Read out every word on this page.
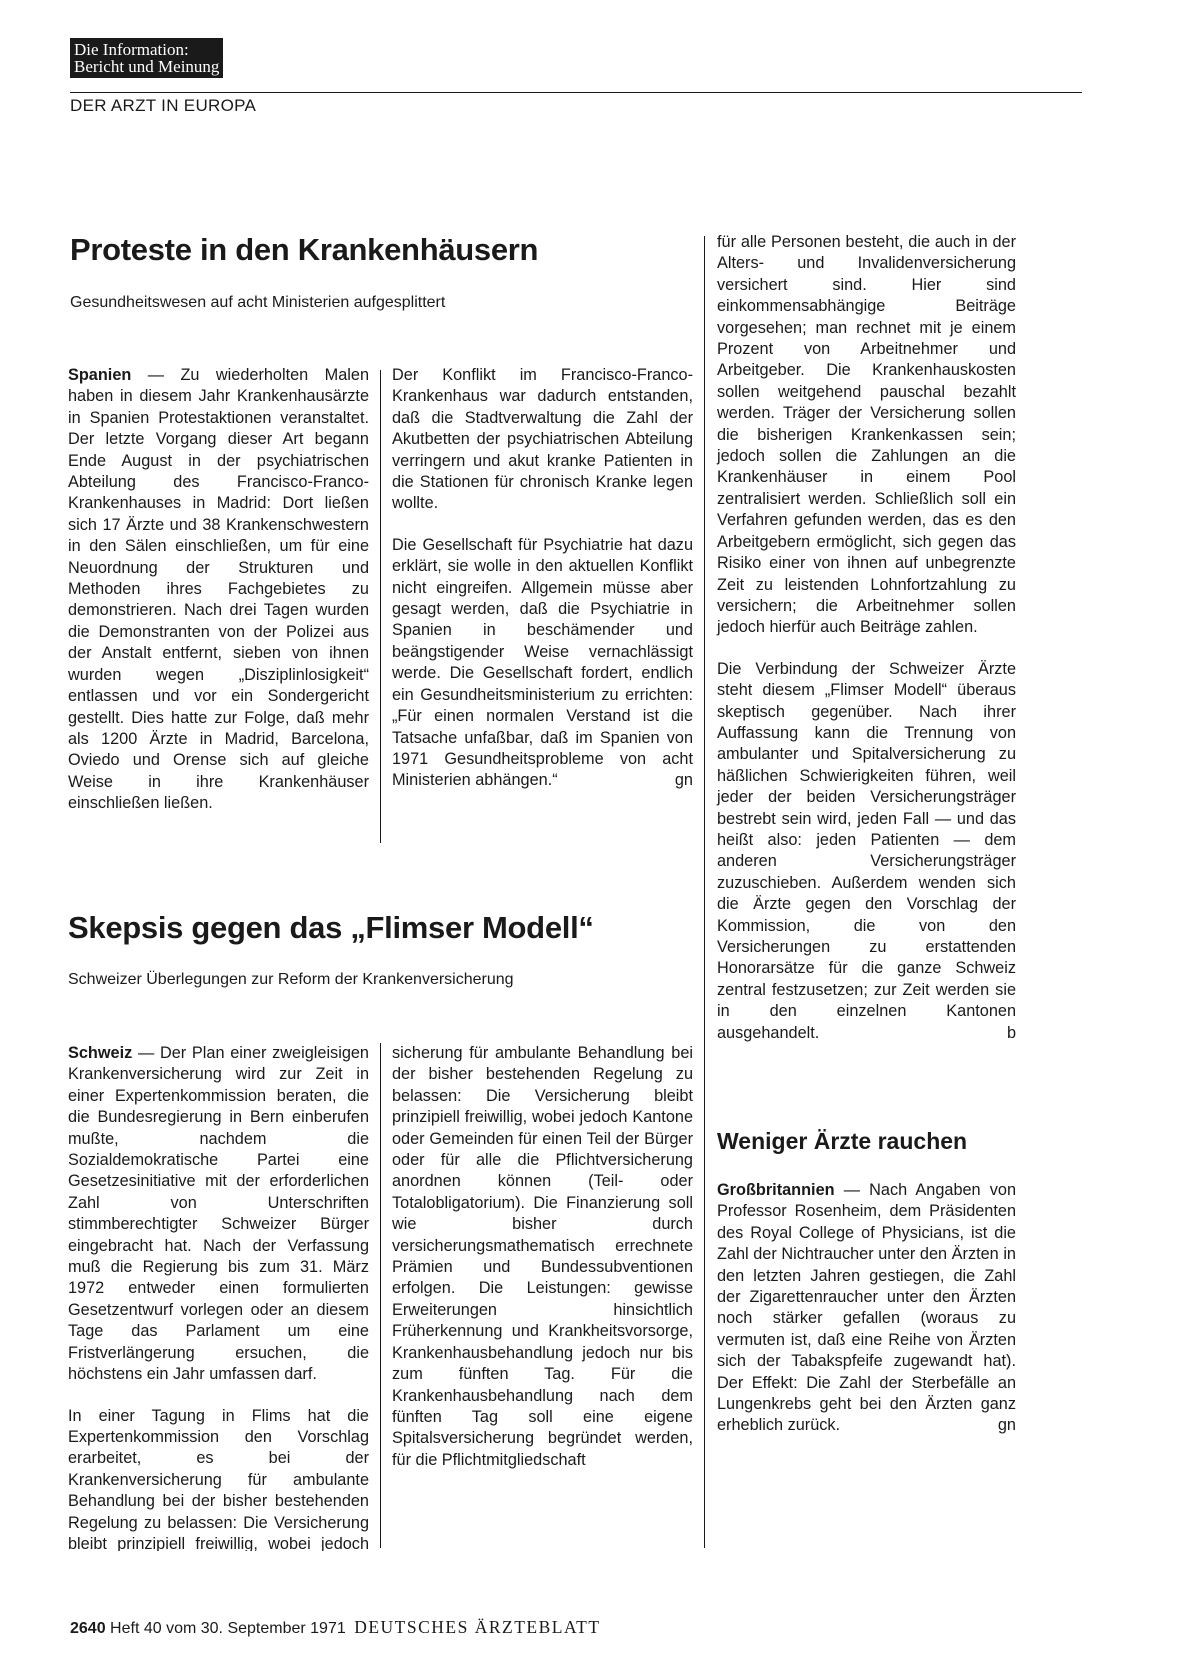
Die Information:
Bericht und Meinung
DER ARZT IN EUROPA
Proteste in den Krankenhäusern
Gesundheitswesen auf acht Ministerien aufgesplittert

Spanien — Zu wiederholten Malen haben in diesem Jahr Krankenhausärzte in Spanien Protestaktionen veranstaltet. Der letzte Vorgang dieser Art begann Ende August in der psychiatrischen Abteilung des Francisco-Franco-Krankenhauses in Madrid: Dort ließen sich 17 Ärzte und 38 Krankenschwestern in den Sälen einschließen, um für eine Neuordnung der Strukturen und Methoden ihres Fachgebietes zu demonstrieren. Nach drei Tagen wurden die Demonstranten von der Polizei aus der Anstalt entfernt, sieben von ihnen wurden wegen „Disziplinlosigkeit“ entlassen und vor ein Sondergericht gestellt. Dies hatte zur Folge, daß mehr als 1200 Ärzte in Madrid, Barcelona, Oviedo und Orense sich auf gleiche Weise in ihre Krankenhäuser einschließen ließen.

Der Konflikt im Francisco-Franco-Krankenhaus war dadurch entstanden, daß die Stadtverwaltung die Zahl der Akutbetten der psychiatrischen Abteilung verringern und akut kranke Patienten in die Stationen für chronisch Kranke legen wollte.

Die Gesellschaft für Psychiatrie hat dazu erklärt, sie wolle in den aktuellen Konflikt nicht eingreifen. Allgemein müsse aber gesagt werden, daß die Psychiatrie in Spanien in beschämender und beängstigender Weise vernachlässigt werde. Die Gesellschaft fordert, endlich ein Gesundheitsministerium zu errichten: „Für einen normalen Verstand ist die Tatsache unfaßbar, daß im Spanien von 1971 Gesundheitsprobleme von acht Ministerien abhängen.“	gn

Skepsis gegen das „Flimser Modell“
Schweizer Überlegungen zur Reform der Krankenversicherung

Schweiz — Der Plan einer zweigleisigen Krankenversicherung wird zur Zeit in einer Expertenkommission beraten, die die Bundesregierung in Bern einberufen mußte, nachdem die Sozialdemokratische Partei eine Gesetzesinitiative mit der erforderlichen Zahl von Unterschriften stimmberechtigter Schweizer Bürger eingebracht hat. Nach der Verfassung muß die Regierung bis zum 31. März 1972 entweder einen formulierten Gesetzentwurf vorlegen oder an diesem Tage das Parlament um eine Fristverlängerung ersuchen, die höchstens ein Jahr umfassen darf.

In einer Tagung in Flims hat die Expertenkommission den Vorschlag erarbeitet, es bei der Krankenversicherung für ambulante Behandlung bei der bisher bestehenden Regelung zu belassen: Die Versicherung bleibt prinzipiell freiwillig, wobei jedoch

sicherung für ambulante Behandlung bei der bisher bestehenden Regelung zu belassen: Die Versicherung bleibt prinzipiell freiwillig, wobei jedoch Kantone oder Gemeinden für einen Teil der Bürger oder für alle die Pflichtversicherung anordnen können (Teil- oder Totalobligatorium). Die Finanzierung soll wie bisher durch versicherungsmathematisch errechnete Prämien und Bundessubventionen erfolgen. Die Leistungen: gewisse Erweiterungen hinsichtlich Früherkennung und Krankheitsvorsorge, Krankenhausbehandlung jedoch nur bis zum fünften Tag. Für die Krankenhausbehandlung nach dem fünften Tag soll eine eigene Spitalsversicherung begründet werden, für die Pflichtmitgliedschaft

für alle Personen besteht, die auch in der Alters- und Invalidenversicherung versichert sind. Hier sind einkommensabhängige Beiträge vorgesehen; man rechnet mit je einem Prozent von Arbeitnehmer und Arbeitgeber. Die Krankenhauskosten sollen weitgehend pauschal bezahlt werden. Träger der Versicherung sollen die bisherigen Krankenkassen sein; jedoch sollen die Zahlungen an die Krankenhäuser in einem Pool zentralisiert werden. Schließlich soll ein Verfahren gefunden werden, das es den Arbeitgebern ermöglicht, sich gegen das Risiko einer von ihnen auf unbegrenzte Zeit zu leistenden Lohnfortzahlung zu versichern; die Arbeitnehmer sollen jedoch hierfür auch Beiträge zahlen.

Die Verbindung der Schweizer Ärzte steht diesem „Flimser Modell“ überaus skeptisch gegenüber. Nach ihrer Auffassung kann die Trennung von ambulanter und Spitalversicherung zu häßlichen Schwierigkeiten führen, weil jeder der beiden Versicherungsträger bestrebt sein wird, jeden Fall — und das heißt also: jeden Patienten — dem anderen Versicherungsträger zuzuschieben. Außerdem wenden sich die Ärzte gegen den Vorschlag der Kommission, die von den Versicherungen zu erstattenden Honorarsätze für die ganze Schweiz zentral festzusetzen; zur Zeit werden sie in den einzelnen Kantonen ausgehandelt.	b

Weniger Ärzte rauchen

Großbritannien — Nach Angaben von Professor Rosenheim, dem Präsidenten des Royal College of Physicians, ist die Zahl der Nichtraucher unter den Ärzten in den letzten Jahren gestiegen, die Zahl der Zigarettenraucher unter den Ärzten noch stärker gefallen (woraus zu vermuten ist, daß eine Reihe von Ärzten sich der Tabakspfeife zugewandt hat). Der Effekt: Die Zahl der Sterbefälle an Lungenkrebs geht bei den Ärzten ganz erheblich zurück.	gn

2640 Heft 40 vom 30. September 1971 DEUTSCHES ÄRZTEBLATT
